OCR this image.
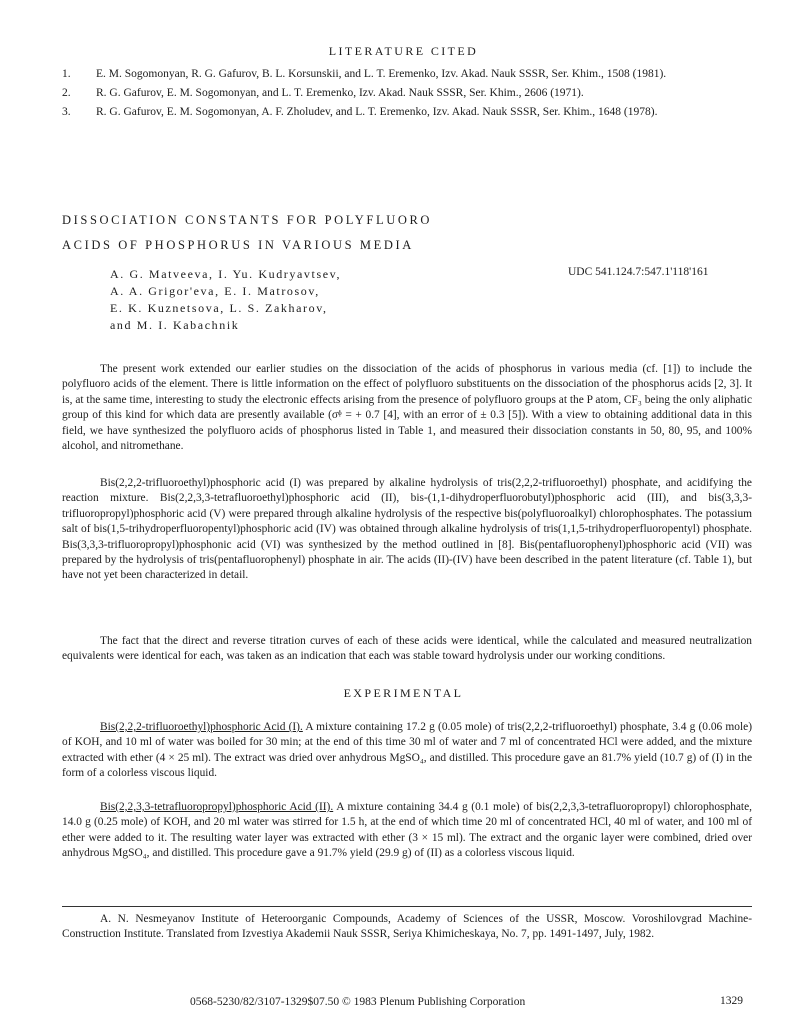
LITERATURE CITED
1.	E. M. Sogomonyan, R. G. Gafurov, B. L. Korsunskii, and L. T. Eremenko, Izv. Akad. Nauk SSSR, Ser. Khim., 1508 (1981).
2.	R. G. Gafurov, E. M. Sogomonyan, and L. T. Eremenko, Izv. Akad. Nauk SSSR, Ser. Khim., 2606 (1971).
3.	R. G. Gafurov, E. M. Sogomonyan, A. F. Zholudev, and L. T. Eremenko, Izv. Akad. Nauk SSSR, Ser. Khim., 1648 (1978).
DISSOCIATION CONSTANTS FOR POLYFLUORO
ACIDS OF PHOSPHORUS IN VARIOUS MEDIA
A. G. Matveeva, I. Yu. Kudryavtsev,
A. A. Grigor'eva, E. I. Matrosov,
E. K. Kuznetsova, L. S. Zakharov,
and M. I. Kabachnik
UDC 541.124.7:547.1'118'161

The present work extended our earlier studies on the dissociation of the acids of phosphorus in various media (cf. [1]) to include the polyfluoro acids of the element. There is little information on the effect of polyfluoro substituents on the dissociation of the phosphorus acids [2, 3]. It is, at the same time, interesting to study the electronic effects arising from the presence of polyfluoro groups at the P atom, CF₃ being the only aliphatic group of this kind for which data are presently available (σᶲ = + 0.7 [4], with an error of ± 0.3 [5]). With a view to obtaining additional data in this field, we have synthesized the polyfluoro acids of phosphorus listed in Table 1, and measured their dissociation constants in 50, 80, 95, and 100% alcohol, and nitromethane.

Bis(2,2,2-trifluoroethyl)phosphoric acid (I) was prepared by alkaline hydrolysis of tris(2,2,2-trifluoroethyl) phosphate, and acidifying the reaction mixture. Bis(2,2,3,3-tetrafluoroethyl)phosphoric acid (II), bis-(1,1-dihydroperfluorobutyl)phosphoric acid (III), and bis(3,3,3-trifluoropropyl)phosphoric acid (V) were prepared through alkaline hydrolysis of the respective bis(polyfluoroalkyl) chlorophosphates. The potassium salt of bis(1,5-trihydroperfluoropentyl)phosphoric acid (IV) was obtained through alkaline hydrolysis of tris(1,1,5-trihydroperfluoropentyl) phosphate. Bis(3,3,3-trifluoropropyl)phosphonic acid (VI) was synthesized by the method outlined in [8]. Bis(pentafluorophenyl)phosphoric acid (VII) was prepared by the hydrolysis of tris(pentafluorophenyl) phosphate in air. The acids (II)-(IV) have been described in the patent literature (cf. Table 1), but have not yet been characterized in detail.

The fact that the direct and reverse titration curves of each of these acids were identical, while the calculated and measured neutralization equivalents were identical for each, was taken as an indication that each was stable toward hydrolysis under our working conditions.

EXPERIMENTAL

Bis(2,2,2-trifluoroethyl)phosphoric Acid (I). A mixture containing 17.2 g (0.05 mole) of tris(2,2,2-trifluoroethyl) phosphate, 3.4 g (0.06 mole) of KOH, and 10 ml of water was boiled for 30 min; at the end of this time 30 ml of water and 7 ml of concentrated HCl were added, and the mixture extracted with ether (4 × 25 ml). The extract was dried over anhydrous MgSO₄, and distilled. This procedure gave an 81.7% yield (10.7 g) of (I) in the form of a colorless viscous liquid.

Bis(2,2,3,3-tetrafluoropropyl)phosphoric Acid (II). A mixture containing 34.4 g (0.1 mole) of bis(2,2,3,3-tetrafluoropropyl) chlorophosphate, 14.0 g (0.25 mole) of KOH, and 20 ml water was stirred for 1.5 h, at the end of which time 20 ml of concentrated HCl, 40 ml of water, and 100 ml of ether were added to it. The resulting water layer was extracted with ether (3 × 15 ml). The extract and the organic layer were combined, dried over anhydrous MgSO₄, and distilled. This procedure gave a 91.7% yield (29.9 g) of (II) as a colorless viscous liquid.

A. N. Nesmeyanov Institute of Heteroorganic Compounds, Academy of Sciences of the USSR, Moscow. Voroshilovgrad Machine-Construction Institute. Translated from Izvestiya Akademii Nauk SSSR, Seriya Khimicheskaya, No. 7, pp. 1491-1497, July, 1982.
0568-5230/82/3107-1329$07.50 © 1983 Plenum Publishing Corporation	1329
